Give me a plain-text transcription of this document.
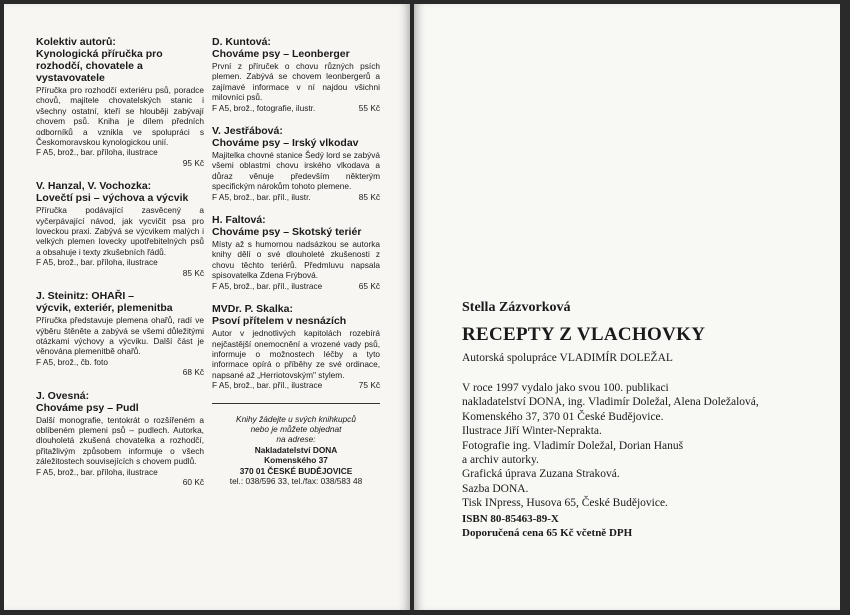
Kolektiv autorů:
Kynologická příručka pro rozhodčí, chovatele a vystavovatele
Příručka pro rozhodčí exteriéru psů, poradce chovů, majitele chovatelských stanic i všechny ostatní, kteří se hlouběji zabývají chovem psů. Kniha je dílem předních odborníků a vznikla ve spolupráci s Českomoravskou kynologickou unií.
F A5, brož., bar. příloha, ilustrace
95 Kč
V. Hanzal, V. Vochozka:
Lovečtí psi – výchova a výcvik
Příručka podávající zasvěcený a vyčerpávající návod, jak vycvičit psa pro loveckou praxi. Zabývá se výcvikem malých i velkých plemen lovecky upotřebitelných psů a obsahuje i texty zkušebních řádů.
F A5, brož., bar. příloha, ilustrace
85 Kč
J. Steinitz: OHAŘI –
výcvik, exteriér, plemenitba
Příručka představuje plemena ohařů, radí ve výběru štěněte a zabývá se všemi důležitými otázkami výchovy a výcviku. Další část je věnována plemenitbě ohařů.
F A5, brož., čb. foto
68 Kč
J. Ovesná:
Chováme psy – Pudl
Další monografie, tentokrát o rozšířeném a oblíbeném plemeni psů – pudlech. Autorka, dlouholetá zkušená chovatelka a rozhodčí, přitažlivým způsobem informuje o všech záležitostech souvisejících s chovem pudlů.
F A5, brož., bar. příloha, ilustrace
60 Kč
D. Kuntová:
Chováme psy – Leonberger
První z příruček o chovu různých psích plemen. Zabývá se chovem leonbergerů a zajímavé informace v ní najdou všichni milovníci psů.
F A5, brož., fotografie, ilustr.	55 Kč
V. Jestřábová:
Chováme psy – Irský vlkodav
Majitelka chovné stanice Šedý lord se zabývá všemi oblastmi chovu irského vlkodava a důraz věnuje především některým specifickým nárokům tohoto plemene.
F A5, brož., bar. příl., ilustr.	85 Kč
H. Faltová:
Chováme psy – Skotský teriér
Místy až s humornou nadsázkou se autorka knihy dělí o své dlouholeté zkušenosti z chovu těchto teriérů. Předmluvu napsala spisovatelka Zdena Frýbová.
F A5, brož., bar. příl., ilustrace	65 Kč
MVDr. P. Skalka:
Psoví přítelem v nesnázích
Autor v jednotlivých kapitolách rozebírá nejčastější onemocnění a vrozené vady psů, informuje o možnostech léčby a tyto informace opírá o příběhy ze své ordinace, napsané až „Herriotovským" stylem.
F A5, brož., bar. příl., ilustrace	75 Kč
Knihy žádejte u svých knihkupců
nebo je můžete objednat
na adrese:
Nakladatelství DONA
Komenského 37
370 01 ČESKÉ BUDĚJOVICE
tel.: 038/596 33, tel./fax: 038/583 48
Stella Zázvorková
RECEPTY Z VLACHOVKY
Autorská spolupráce VLADIMÍR DOLEŽAL
V roce 1997 vydalo jako svou 100. publikaci
nakladatelství DONA, ing. Vladimír Doležal, Alena Doležalová,
Komenského 37, 370 01 České Budějovice.
Ilustrace Jiří Winter-Neprakta.
Fotografie ing. Vladimír Doležal, Dorian Hanuš
a archiv autorky.
Grafická úprava Zuzana Straková.
Sazba DONA.
Tisk INpress, Husova 65, České Budějovice.
ISBN 80-85463-89-X
Doporučená cena 65 Kč včetně DPH
